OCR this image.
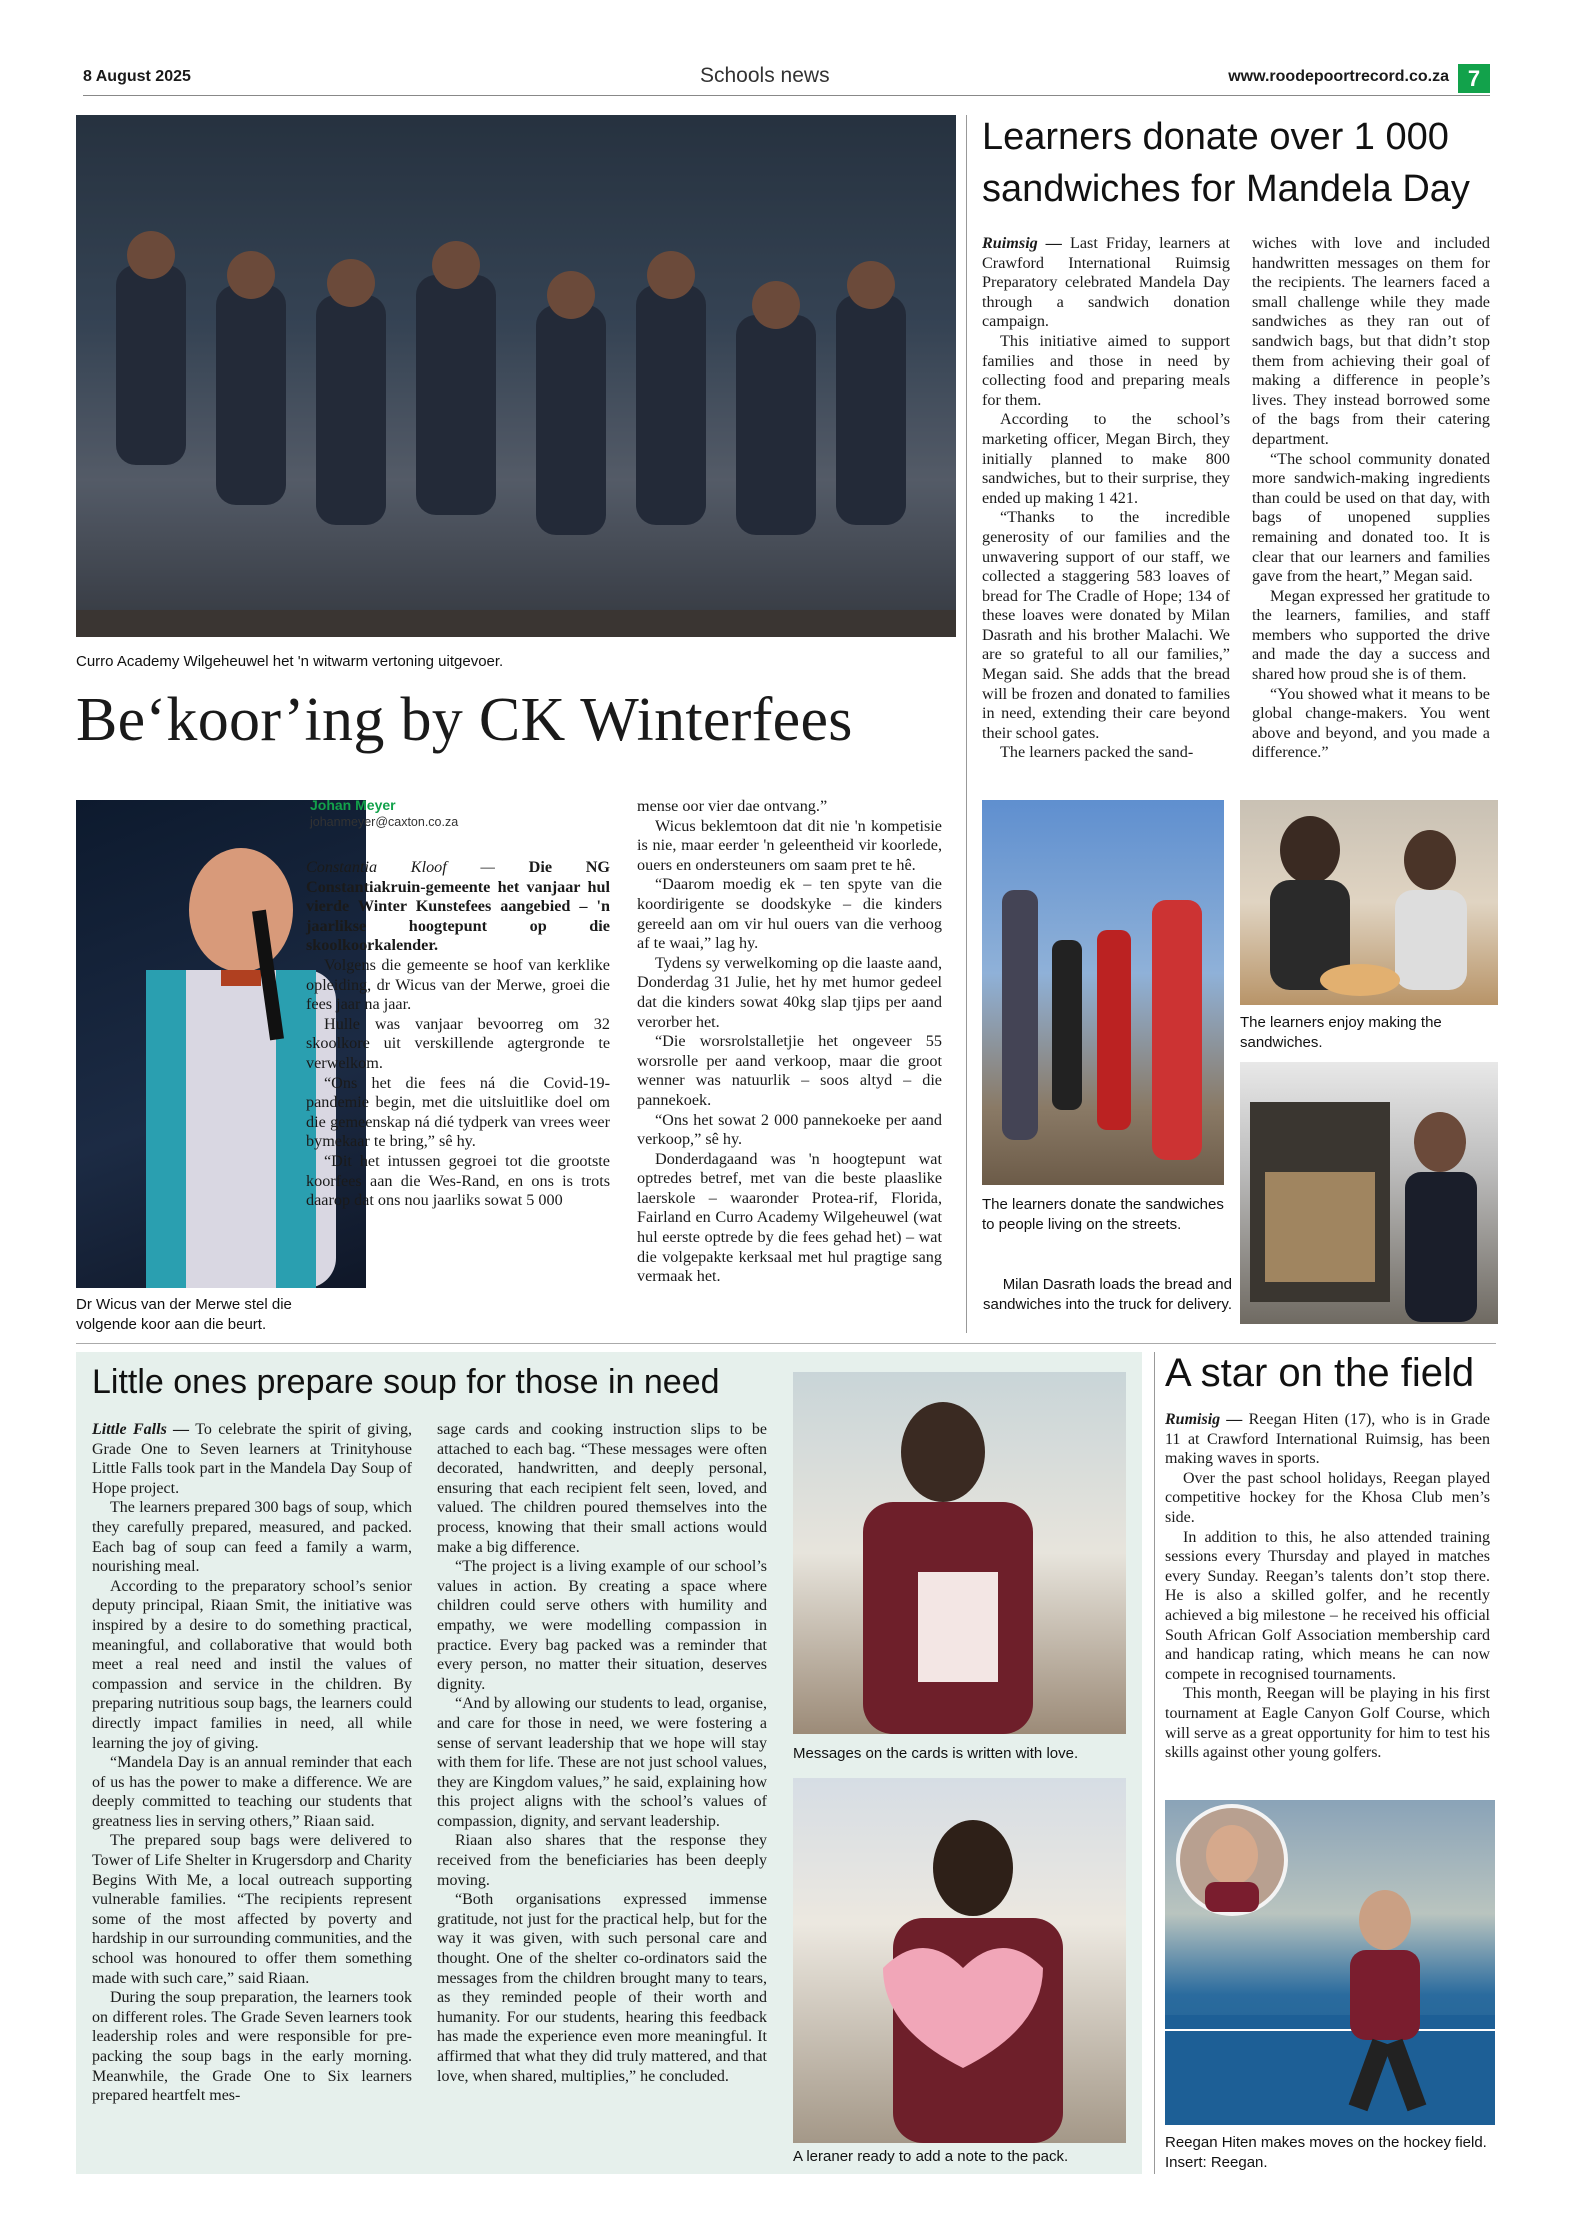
8 August 2025	Schools news	www.roodepoortrecord.co.za 7
Curro Academy Wilgeheuwel het 'n witwarm vertoning uitgevoer.
Be‘koor’ing by CK Winterfees
Dr Wicus van der Merwe stel die volgende koor aan die beurt.
Johan Meyer
johanmeyer@caxton.co.za

Constantia Kloof — Die NG Constantiakruin-gemeente het vanjaar hul vierde Winter Kunstefees aangebied – 'n jaarlikse hoogtepunt op die skoolkoorkalender.

Volgens die gemeente se hoof van kerklike opleiding, dr Wicus van der Merwe, groei die fees jaar na jaar.

Hulle was vanjaar bevoorreg om 32 skoolkore uit verskillende agtergronde te verwelkom.

“Ons het die fees ná die Covid-19-pandemie begin, met die uitsluitlike doel om die gemeenskap ná dié tydperk van vrees weer bymekaar te bring,” sê hy.

“Dit het intussen gegroei tot die grootste koorfees aan die Wes-Rand, en ons is trots daarop dat ons nou jaarliks sowat 5 000

mense oor vier dae ontvang.”

Wicus beklemtoon dat dit nie 'n kompetisie is nie, maar eerder 'n geleentheid vir koorlede, ouers en ondersteuners om saam pret te hê.

“Daarom moedig ek – ten spyte van die koordirigente se doodskyke – die kinders gereeld aan om vir hul ouers van die verhoog af te waai,” lag hy.

Tydens sy verwelkoming op die laaste aand, Donderdag 31 Julie, het hy met humor gedeel dat die kinders sowat 40kg slap tjips per aand verorber het.

“Die worsrolstalletjie het ongeveer 55 worsrolle per aand verkoop, maar die groot wenner was natuurlik – soos altyd – die pannekoek.

“Ons het sowat 2 000 pannekoeke per aand verkoop,” sê hy.

Donderdagaand was 'n hoogtepunt wat optredes betref, met van die beste plaaslike laerskole – waaronder Protea-rif, Florida, Fairland en Curro Academy Wilgeheuwel (wat hul eerste optrede by die fees gehad het) – wat die volgepakte kerksaal met hul pragtige sang vermaak het.

Learners donate over 1 000
sandwiches for Mandela Day

Ruimsig — Last Friday, learners at Crawford International Ruimsig Preparatory celebrated Mandela Day through a sandwich donation campaign.

This initiative aimed to support families and those in need by collecting food and preparing meals for them.

According to the school’s marketing officer, Megan Birch, they initially planned to make 800 sandwiches, but to their surprise, they ended up making 1 421.

“Thanks to the incredible generosity of our families and the unwavering support of our staff, we collected a staggering 583 loaves of bread for The Cradle of Hope; 134 of these loaves were donated by Milan Dasrath and his brother Malachi. We are so grateful to all our families,” Megan said. She adds that the bread will be frozen and donated to families in need, extending their care beyond their school gates.

The learners packed the sand-

wiches with love and included handwritten messages on them for the recipients. The learners faced a small challenge while they made sandwiches as they ran out of sandwich bags, but that didn’t stop them from achieving their goal of making a difference in people’s lives. They instead borrowed some of the bags from their catering department.

“The school community donated more sandwich-making ingredients than could be used on that day, with bags of unopened supplies remaining and donated too. It is clear that our learners and families gave from the heart,” Megan said.

Megan expressed her gratitude to the learners, families, and staff members who supported the drive and made the day a success and shared how proud she is of them.

“You showed what it means to be global change-makers. You went above and beyond, and you made a difference.”

The learners donate the sandwiches to people living on the streets.
The learners enjoy making the sandwiches.
Milan Dasrath loads the bread and sandwiches into the truck for delivery.
Little ones prepare soup for those in need

Little Falls — To celebrate the spirit of giving, Grade One to Seven learners at Trinityhouse Little Falls took part in the Mandela Day Soup of Hope project.

The learners prepared 300 bags of soup, which they carefully prepared, measured, and packed. Each bag of soup can feed a family a warm, nourishing meal.

According to the preparatory school’s senior deputy principal, Riaan Smit, the initiative was inspired by a desire to do something practical, meaningful, and collaborative that would both meet a real need and instil the values of compassion and service in the children. By preparing nutritious soup bags, the learners could directly impact families in need, all while learning the joy of giving.

“Mandela Day is an annual reminder that each of us has the power to make a difference. We are deeply committed to teaching our students that greatness lies in serving others,” Riaan said.

The prepared soup bags were delivered to Tower of Life Shelter in Krugersdorp and Charity Begins With Me, a local outreach supporting vulnerable families. “The recipients represent some of the most affected by poverty and hardship in our surrounding communities, and the school was honoured to offer them something made with such care,” said Riaan.

During the soup preparation, the learners took on different roles. The Grade Seven learners took leadership roles and were responsible for pre-packing the soup bags in the early morning. Meanwhile, the Grade One to Six learners prepared heartfelt mes-

sage cards and cooking instruction slips to be attached to each bag. “These messages were often decorated, handwritten, and deeply personal, ensuring that each recipient felt seen, loved, and valued. The children poured themselves into the process, knowing that their small actions would make a big difference.

“The project is a living example of our school’s values in action. By creating a space where children could serve others with humility and empathy, we were modelling compassion in practice. Every bag packed was a reminder that every person, no matter their situation, deserves dignity.

“And by allowing our students to lead, organise, and care for those in need, we were fostering a sense of servant leadership that we hope will stay with them for life. These are not just school values, they are Kingdom values,” he said, explaining how this project aligns with the school’s values of compassion, dignity, and servant leadership.

Riaan also shares that the response they received from the beneficiaries has been deeply moving.

“Both organisations expressed immense gratitude, not just for the practical help, but for the way it was given, with such personal care and thought. One of the shelter co-ordinators said the messages from the children brought many to tears, as they reminded people of their worth and humanity. For our students, hearing this feedback has made the experience even more meaningful. It affirmed that what they did truly mattered, and that love, when shared, multiplies,” he concluded.

Messages on the cards is written with love.
A leraner ready to add a note to the pack.
A star on the field

Rumisig — Reegan Hiten (17), who is in Grade 11 at Crawford International Ruimsig, has been making waves in sports.

Over the past school holidays, Reegan played competitive hockey for the Khosa Club men’s side.

In addition to this, he also attended training sessions every Thursday and played in matches every Sunday. Reegan’s talents don’t stop there. He is also a skilled golfer, and he recently achieved a big milestone – he received his official South African Golf Association membership card and handicap rating, which means he can now compete in recognised tournaments.

This month, Reegan will be playing in his first tournament at Eagle Canyon Golf Course, which will serve as a great opportunity for him to test his skills against other young golfers.

Reegan Hiten makes moves on the hockey field. Insert: Reegan.
